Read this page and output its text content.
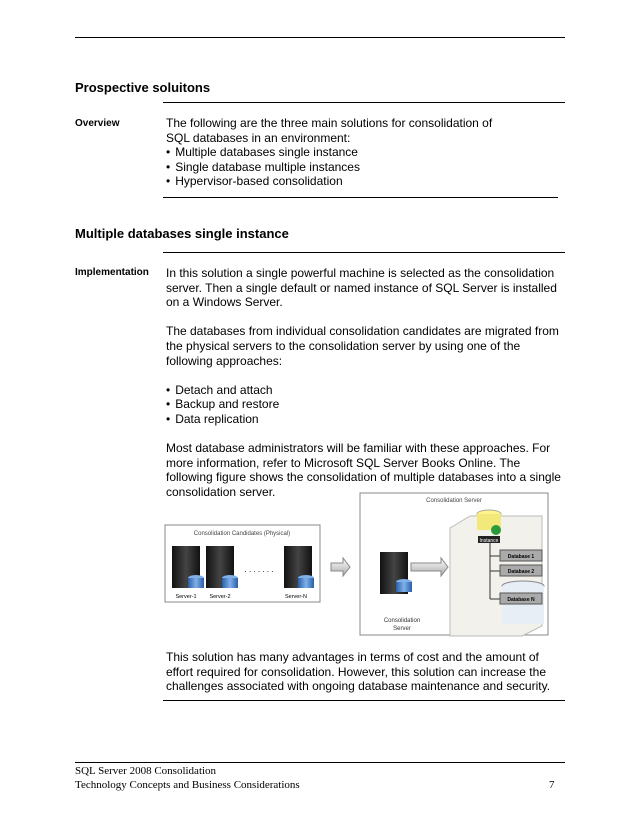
Prospective soluitons
Overview	The following are the three main solutions for consolidation of SQL databases in an environment:

• Multiple databases single instance
• Single database multiple instances
• Hypervisor-based consolidation
Multiple databases single instance
Implementation In this solution a single powerful machine is selected as the consolidation server. Then a single default or named instance of SQL Server is installed on a Windows Server.

The databases from individual consolidation candidates are migrated from the physical servers to the consolidation server by using one of the following approaches:

• Detach and attach
• Backup and restore
• Data replication

Most database administrators will be familiar with these approaches. For more information, refer to Microsoft SQL Server Books Online. The following figure shows the consolidation of multiple databases into a single consolidation server.

Consolidation Candidates (Physical)
Server-1 Server-2	Server-N
. . . . . . .
Consolidation Server
Instance
Database 1
Database 2
Database N
Consolidation
Server

This solution has many advantages in terms of cost and the amount of effort required for consolidation. However, this solution can increase the challenges associated with ongoing database maintenance and security.

SQL Server 2008 Consolidation
Technology Concepts and Business Considerations	7
